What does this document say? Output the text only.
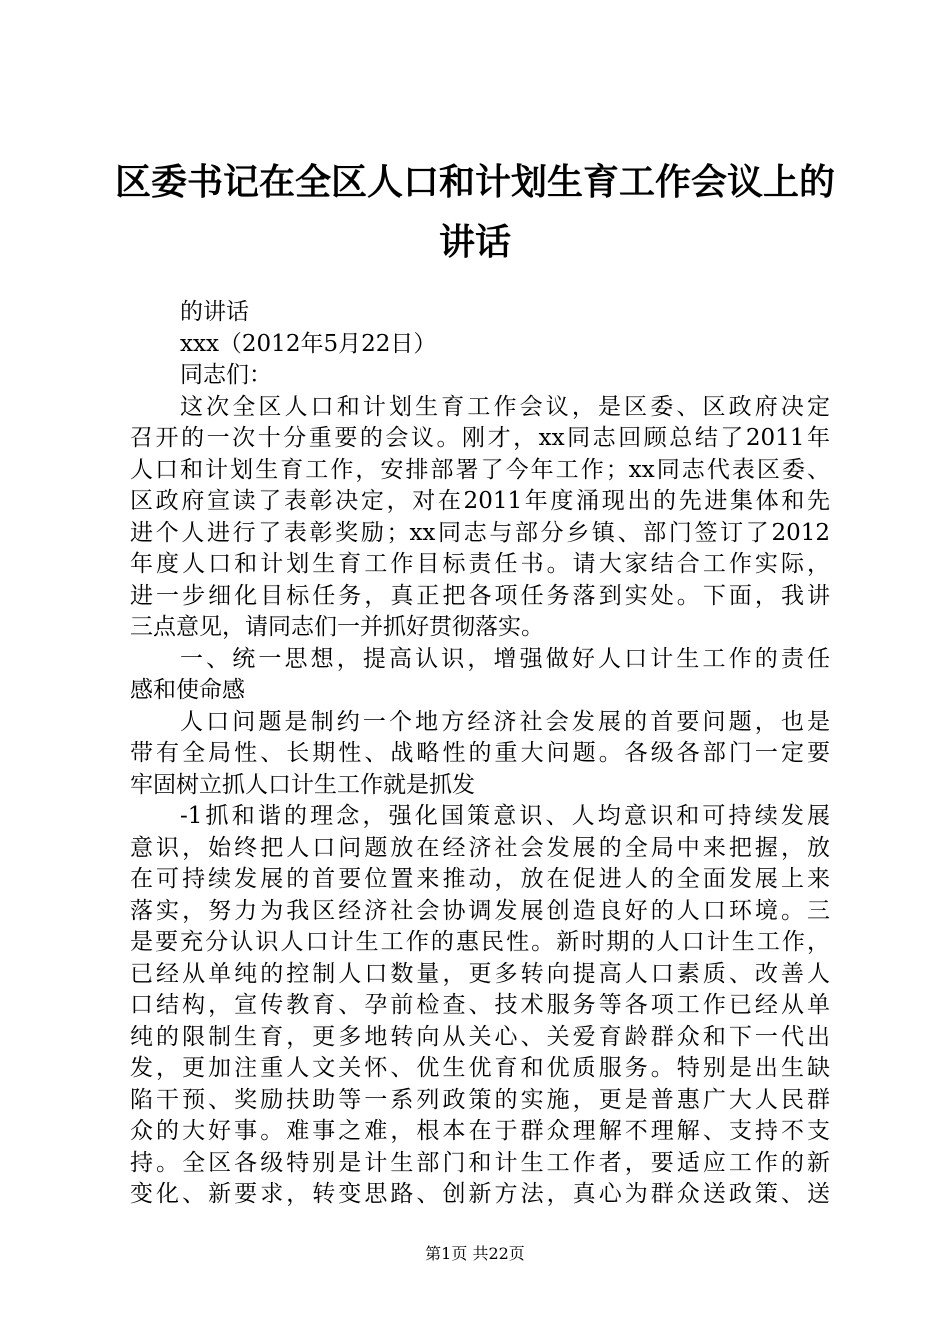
区委书记在全区人口和计划生育工作会议上的
讲话
的讲话
xxx（2012年5月22日）
同志们：
这次全区人口和计划生育工作会议，是区委、区政府决定
召开的一次十分重要的会议。刚才，xx同志回顾总结了2011年
人口和计划生育工作，安排部署了今年工作；xx同志代表区委、
区政府宣读了表彰决定，对在2011年度涌现出的先进集体和先
进个人进行了表彰奖励；xx同志与部分乡镇、部门签订了2012
年度人口和计划生育工作目标责任书。请大家结合工作实际，
进一步细化目标任务，真正把各项任务落到实处。下面，我讲
三点意见，请同志们一并抓好贯彻落实。
一、统一思想，提高认识，增强做好人口计生工作的责任
感和使命感
人口问题是制约一个地方经济社会发展的首要问题，也是
带有全局性、长期性、战略性的重大问题。各级各部门一定要
牢固树立抓人口计生工作就是抓发
-1抓和谐的理念，强化国策意识、人均意识和可持续发展
意识，始终把人口问题放在经济社会发展的全局中来把握，放
在可持续发展的首要位置来推动，放在促进人的全面发展上来
落实，努力为我区经济社会协调发展创造良好的人口环境。三
是要充分认识人口计生工作的惠民性。新时期的人口计生工作，
已经从单纯的控制人口数量，更多转向提高人口素质、改善人
口结构，宣传教育、孕前检查、技术服务等各项工作已经从单
纯的限制生育，更多地转向从关心、关爱育龄群众和下一代出
发，更加注重人文关怀、优生优育和优质服务。特别是出生缺
陷干预、奖励扶助等一系列政策的实施，更是普惠广大人民群
众的大好事。难事之难，根本在于群众理解不理解、支持不支
持。全区各级特别是计生部门和计生工作者，要适应工作的新
变化、新要求，转变思路、创新方法，真心为群众送政策、送
第1页 共22页
